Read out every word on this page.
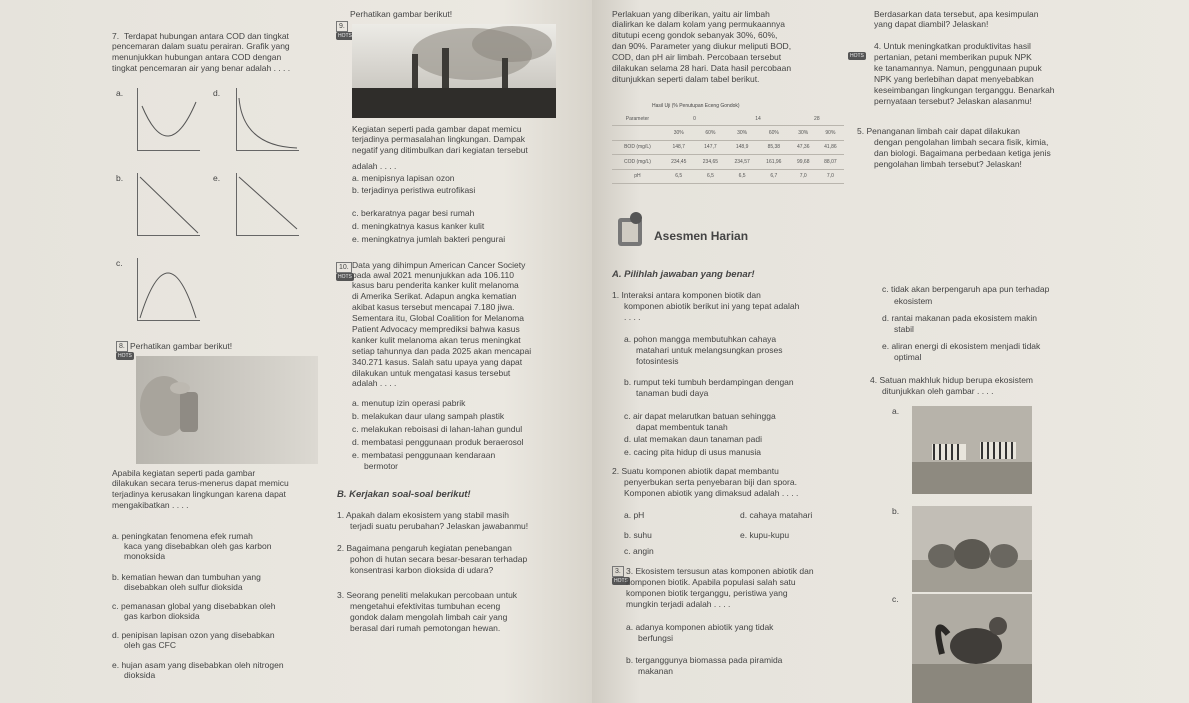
7. Terdapat hubungan antara COD dan tingkat
pencemaran dalam suatu perairan. Grafik yang
menunjukkan hubungan antara COD dengan
tingkat pencemaran air yang benar adalah . . . .
a.	d.
b.	e.
c.
8.
HOTS
Perhatikan gambar berikut!
Apabila kegiatan seperti pada gambar
dilakukan secara terus-menerus dapat memicu
terjadinya kerusakan lingkungan karena dapat
mengakibatkan . . . .
a. peningkatan fenomena efek rumah
kaca yang disebabkan oleh gas karbon
monoksida
b. kematian hewan dan tumbuhan yang
disebabkan oleh sulfur dioksida
c. pemanasan global yang disebabkan oleh
gas karbon dioksida
d. penipisan lapisan ozon yang disebabkan
oleh gas CFC
e. hujan asam yang disebabkan oleh nitrogen
dioksida
9.
HOTS
Perhatikan gambar berikut!
Kegiatan seperti pada gambar dapat memicu
terjadinya permasalahan lingkungan. Dampak
negatif yang ditimbulkan dari kegiatan tersebut
adalah . . . .
a. menipisnya lapisan ozon
b. terjadinya peristiwa eutrofikasi
c. berkaratnya pagar besi rumah
d. meningkatnya kasus kanker kulit
e. meningkatnya jumlah bakteri pengurai
10.
HOTS
Data yang dihimpun American Cancer Society
pada awal 2021 menunjukkan ada 106.110
kasus baru penderita kanker kulit melanoma
di Amerika Serikat. Adapun angka kematian
akibat kasus tersebut mencapai 7.180 jiwa.
Sementara itu, Global Coalition for Melanoma
Patient Advocacy memprediksi bahwa kasus
kanker kulit melanoma akan terus meningkat
setiap tahunnya dan pada 2025 akan mencapai
340.271 kasus. Salah satu upaya yang dapat
dilakukan untuk mengatasi kasus tersebut
adalah . . . .
a. menutup izin operasi pabrik
b. melakukan daur ulang sampah plastik
c. melakukan reboisasi di lahan-lahan gundul
d. membatasi penggunaan produk beraerosol
e. membatasi penggunaan kendaraan
bermotor
B. Kerjakan soal-soal berikut!
1. Apakah dalam ekosistem yang stabil masih
terjadi suatu perubahan? Jelaskan jawabanmu!
2. Bagaimana pengaruh kegiatan penebangan
pohon di hutan secara besar-besaran terhadap
konsentrasi karbon dioksida di udara?
3. Seorang peneliti melakukan percobaan untuk
mengetahui efektivitas tumbuhan eceng
gondok dalam mengolah limbah cair yang
berasal dari rumah pemotongan hewan.
Perlakuan yang diberikan, yaitu air limbah
dialirkan ke dalam kolam yang permukaannya
ditutupi eceng gondok sebanyak 30%, 60%,
dan 90%. Parameter yang diukur meliputi BOD,
COD, dan pH air limbah. Percobaan tersebut
dilakukan selama 28 hari. Data hasil percobaan
ditunjukkan seperti dalam tabel berikut.
Berdasarkan data tersebut, apa kesimpulan
yang dapat diambil? Jelaskan!
4. Untuk meningkatkan produktivitas hasil
HOTS pertanian, petani memberikan pupuk NPK
ke tanamannya. Namun, penggunaan pupuk
NPK yang berlebihan dapat menyebabkan
keseimbangan lingkungan terganggu. Benarkah
pernyataan tersebut? Jelaskan alasanmu!
5. Penanganan limbah cair dapat dilakukan
dengan pengolahan limbah secara fisik, kimia,
dan biologi. Bagaimana perbedaan ketiga jenis
pengolahan limbah tersebut? Jelaskan!
Hasil Uji (% Penutupan Eceng Gondok)
Parameter	0		14		28	
	30%	60%	30%	60%	30%	90%
BOD (mg/L)	148,7	147,7	148,9	85,38	47,36	41,86
COD (mg/L)	234,45	234,65	234,57	161,96	99,68	88,07
pH	6,5	6,5	6,5	6,7	7,0	7,0
Asesmen Harian
A. Pilihlah jawaban yang benar!
1. Interaksi antara komponen biotik dan
komponen abiotik berikut ini yang tepat adalah
. . . .
a. pohon mangga membutuhkan cahaya
matahari untuk melangsungkan proses
fotosintesis
b. rumput teki tumbuh berdampingan dengan
tanaman budi daya
c. air dapat melarutkan batuan sehingga
dapat membentuk tanah
d. ulat memakan daun tanaman padi
e. cacing pita hidup di usus manusia
2. Suatu komponen abiotik dapat membantu
penyerbukan serta penyebaran biji dan spora.
Komponen abiotik yang dimaksud adalah . . . .
a. pH
b. suhu
c. angin
d. cahaya matahari
e. kupu-kupu
3.
HOTS
3. Ekosistem tersusun atas komponen abiotik dan
komponen biotik. Apabila populasi salah satu
komponen biotik terganggu, peristiwa yang
mungkin terjadi adalah . . . .
a. adanya komponen abiotik yang tidak
berfungsi
b. terganggunya biomassa pada piramida
makanan
c. tidak akan berpengaruh apa pun terhadap
ekosistem
d. rantai makanan pada ekosistem makin
stabil
e. aliran energi di ekosistem menjadi tidak
optimal
4. Satuan makhluk hidup berupa ekosistem
ditunjukkan oleh gambar . . . .
a.
b.
c.
